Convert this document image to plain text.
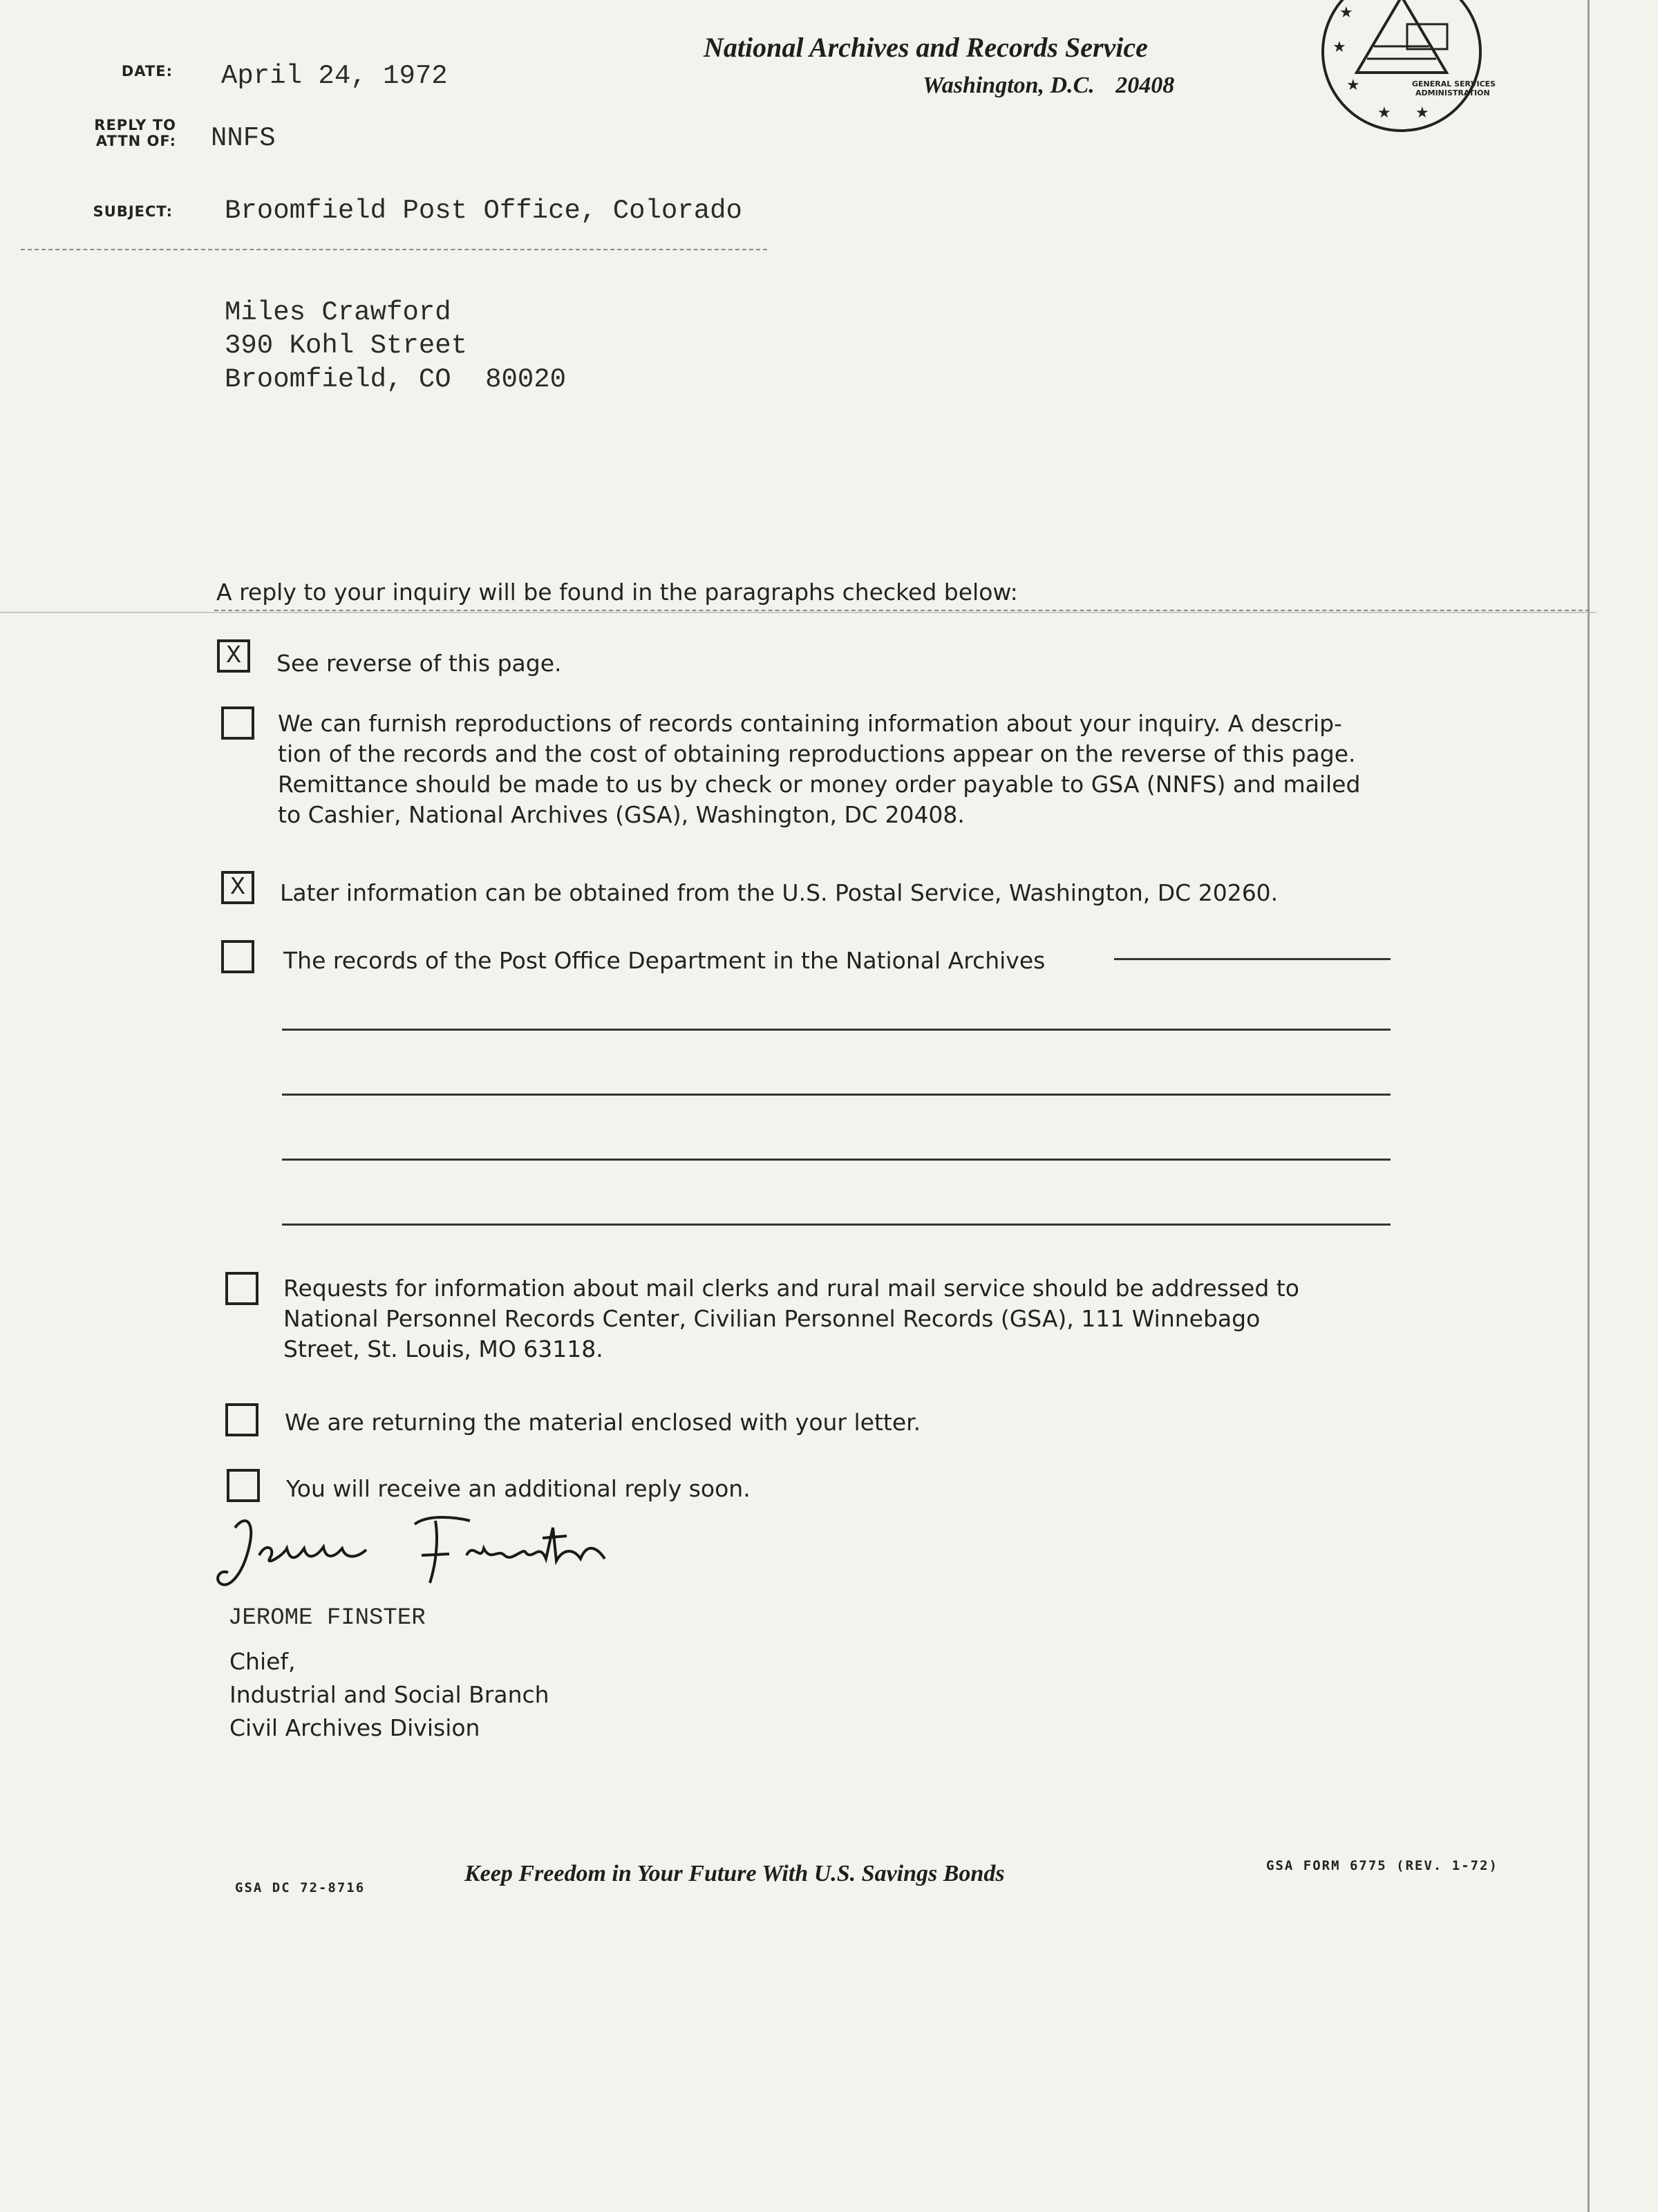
DATE: April 24, 1972
REPLY TO
ATTN OF: NNFS
SUBJECT: Broomfield Post Office, Colorado
National Archives and Records Service
Washington, D.C. 20408
★
★
★
★ ★
GENERAL SERVICES
ADMINISTRATION
Miles Crawford
390 Kohl Street
Broomfield, CO 80020
A reply to your inquiry will be found in the paragraphs checked below:
X See reverse of this page.
We can furnish reproductions of records containing information about your inquiry. A descrip-
tion of the records and the cost of obtaining reproductions appear on the reverse of this page.
Remittance should be made to us by check or money order payable to GSA (NNFS) and mailed
to Cashier, National Archives (GSA), Washington, DC 20408.
X Later information can be obtained from the U.S. Postal Service, Washington, DC 20260.
The records of the Post Office Department in the National Archives
Requests for information about mail clerks and rural mail service should be addressed to
National Personnel Records Center, Civilian Personnel Records (GSA), 111 Winnebago
Street, St. Louis, MO 63118.
We are returning the material enclosed with your letter.
You will receive an additional reply soon.
JEROME FINSTER
Chief,
Industrial and Social Branch
Civil Archives Division
GSA DC 72-8716
Keep Freedom in Your Future With U.S. Savings Bonds	GSA FORM 6775 (REV. 1-72)
